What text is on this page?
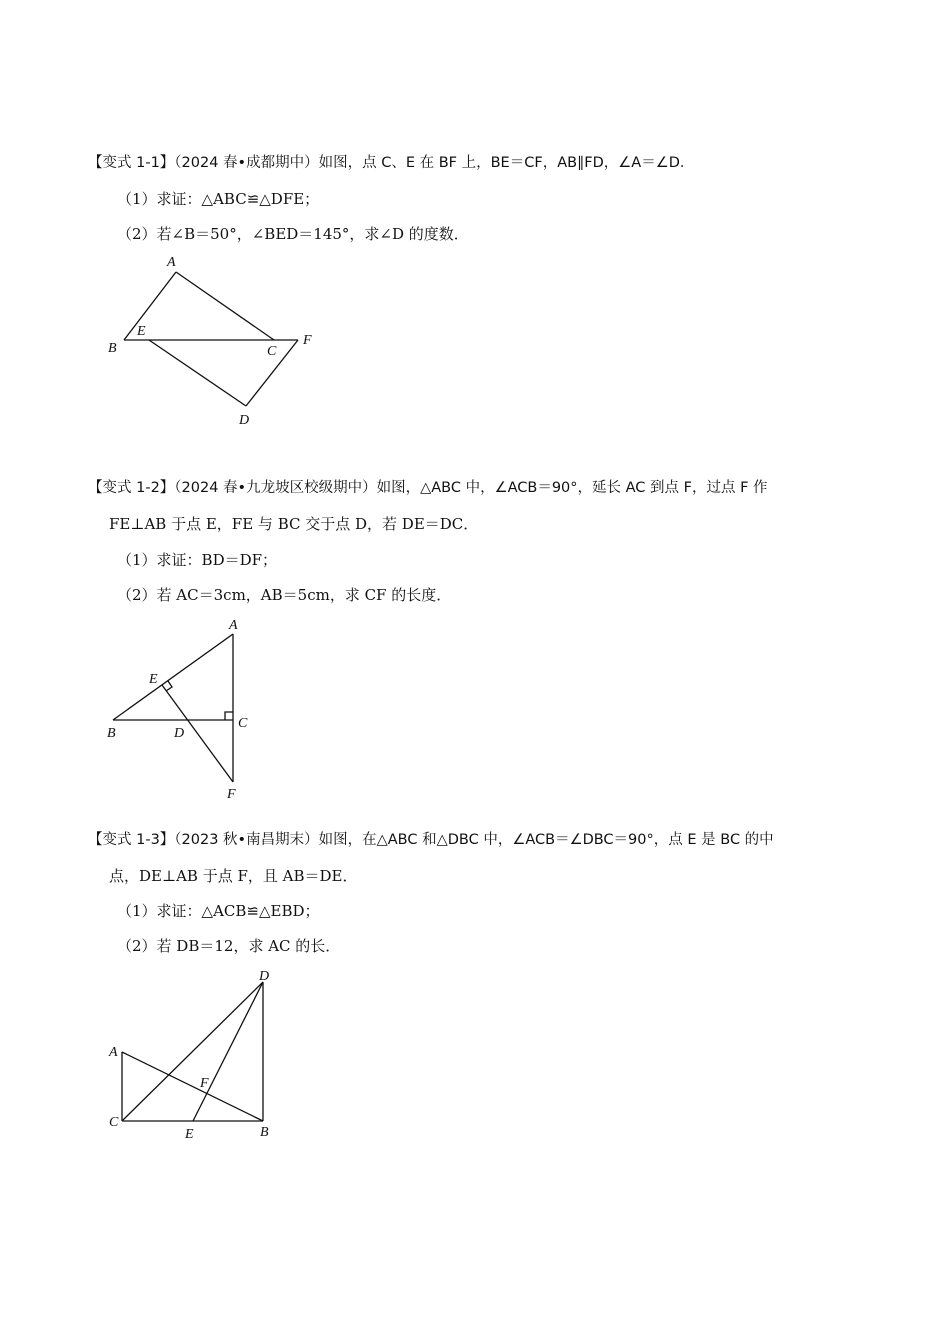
【变式 1-1】（2024 春•成都期中）如图，点 C、E 在 BF 上，BE＝CF，AB∥FD，∠A＝∠D．
（1）求证：△ABC≌△DFE；
（2）若∠B＝50°，∠BED＝145°，求∠D 的度数．
A
B	C
D
E
F
【变式 1-2】（2024 春•九龙坡区校级期中）如图，△ABC 中，∠ACB＝90°，延长 AC 到点 F，过点 F 作
FE⊥AB 于点 E，FE 与 BC 交于点 D，若 DE＝DC．
（1）求证：BD＝DF；
（2）若 AC＝3cm，AB＝5cm，求 CF 的长度．
A
B
C
D
E
F
【变式 1-3】（2023 秋•南昌期末）如图，在△ABC 和△DBC 中，∠ACB＝∠DBC＝90°，点 E 是 BC 的中
点，DE⊥AB 于点 F，且 AB＝DE．
（1）求证：△ACB≌△EBD；
（2）若 DB＝12，求 AC 的长．
A
B
C
D
E
F
